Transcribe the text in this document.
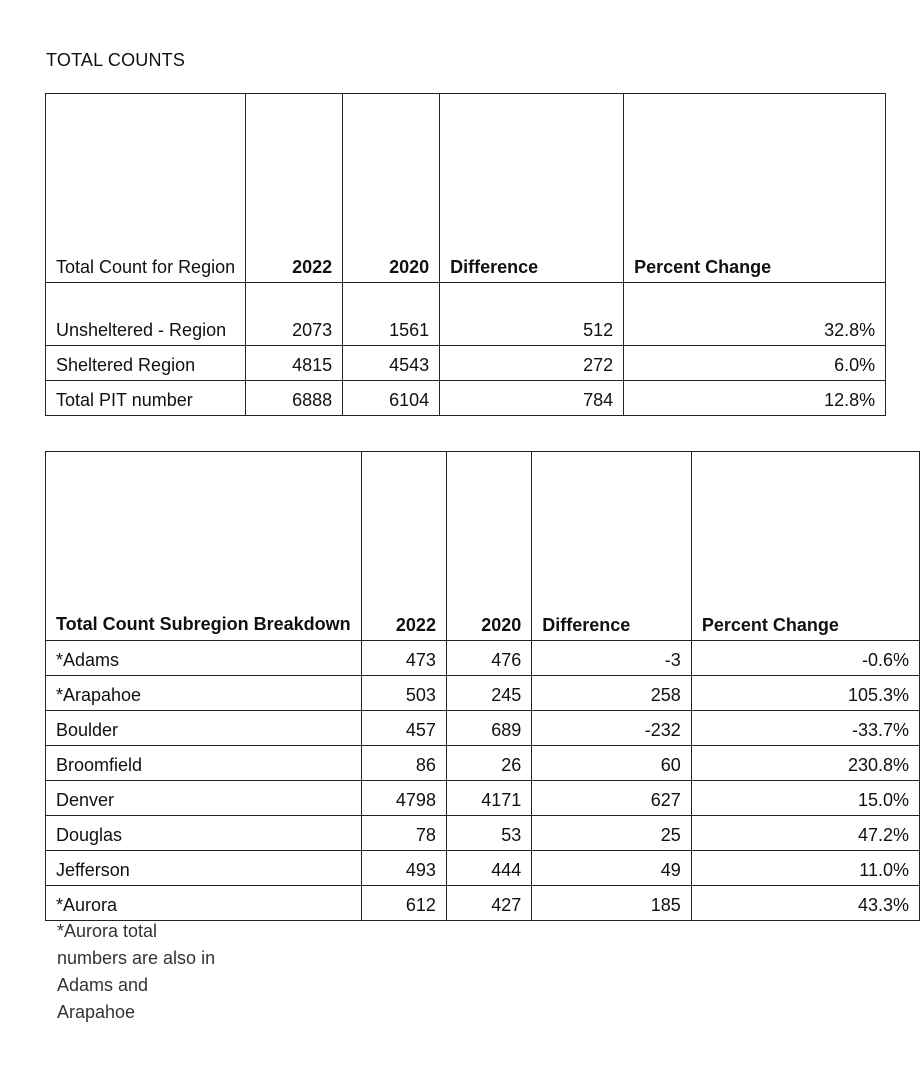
TOTAL COUNTS
Total Count for Region	2022	2020	Difference	Percent Change
Unsheltered - Region	2073	1561	512	32.8%
Sheltered Region	4815	4543	272	6.0%
Total PIT number	6888	6104	784	12.8%
Total Count Subregion Breakdown	2022	2020	Difference	Percent Change
*Adams	473	476	-3	-0.6%
*Arapahoe	503	245	258	105.3%
Boulder	457	689	-232	-33.7%
Broomfield	86	26	60	230.8%
Denver	4798	4171	627	15.0%
Douglas	78	53	25	47.2%
Jefferson	493	444	49	11.0%
*Aurora	612	427	185	43.3%
*Aurora total numbers are also in Adams and Arapahoe
